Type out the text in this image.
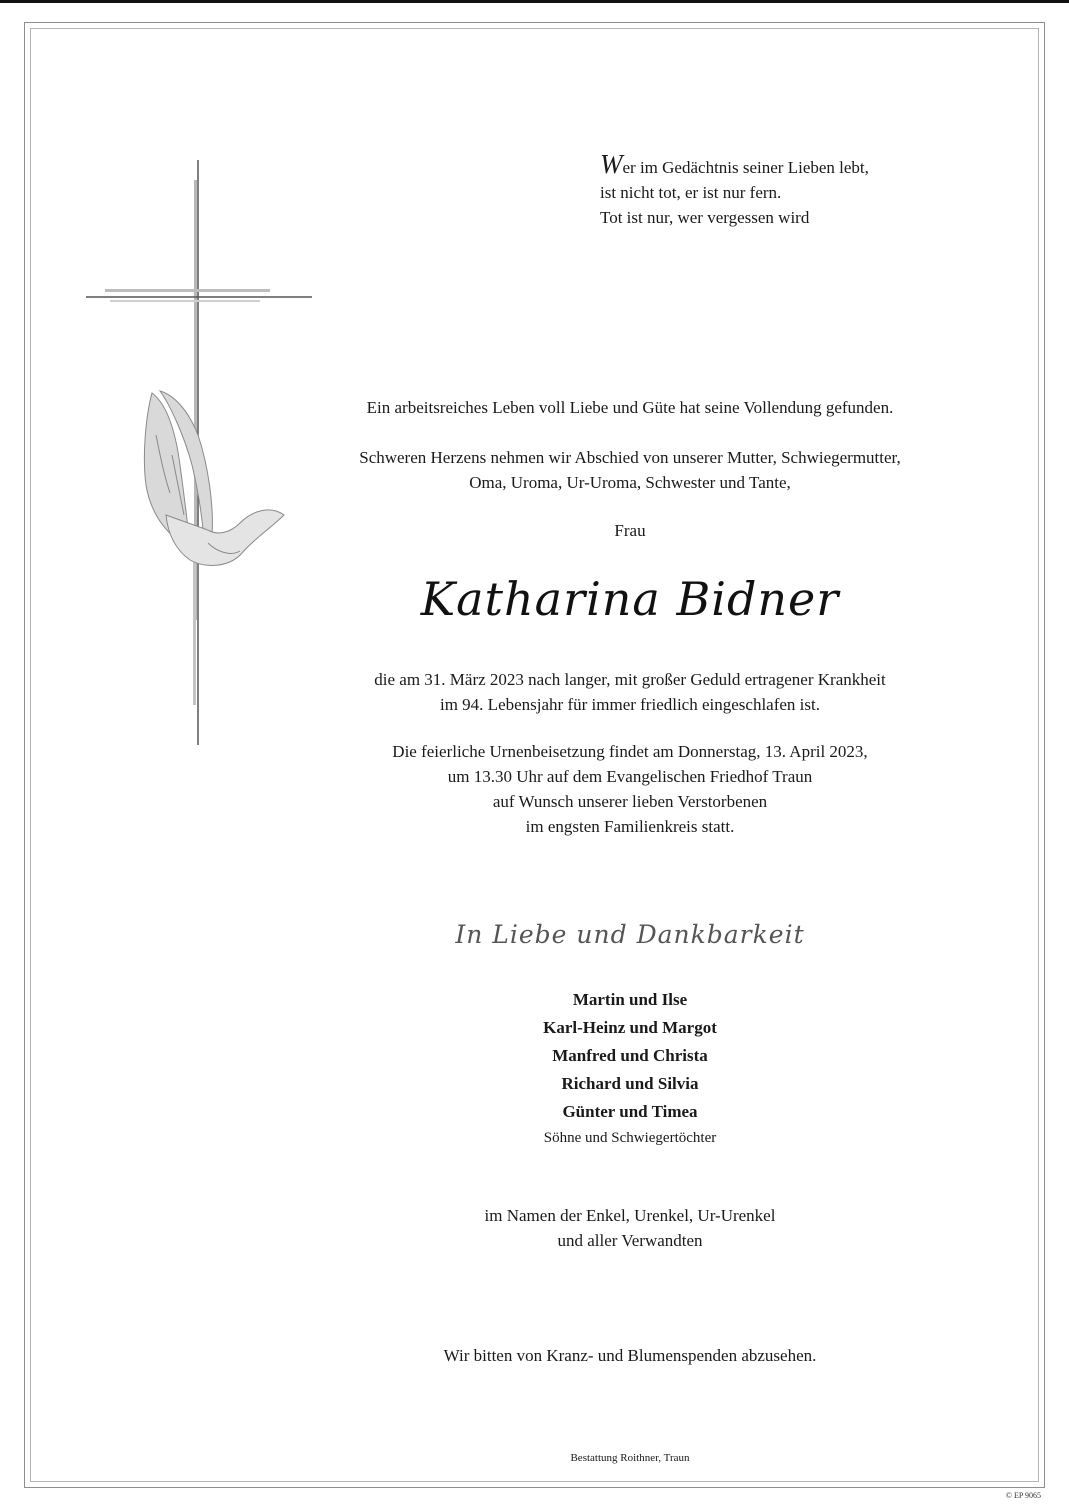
Wer im Gedächtnis seiner Lieben lebt,
ist nicht tot, er ist nur fern.
Tot ist nur, wer vergessen wird
Ein arbeitsreiches Leben voll Liebe und Güte hat seine Vollendung gefunden.
Schweren Herzens nehmen wir Abschied von unserer Mutter, Schwiegermutter,
Oma, Uroma, Ur-Uroma, Schwester und Tante,
Frau
Katharina Bidner
die am 31. März 2023 nach langer, mit großer Geduld ertragener Krankheit
im 94. Lebensjahr für immer friedlich eingeschlafen ist.
Die feierliche Urnenbeisetzung findet am Donnerstag, 13. April 2023,
um 13.30 Uhr auf dem Evangelischen Friedhof Traun
auf Wunsch unserer lieben Verstorbenen
im engsten Familienkreis statt.
In Liebe und Dankbarkeit
Martin und Ilse
Karl-Heinz und Margot
Manfred und Christa
Richard und Silvia
Günter und Timea
Söhne und Schwiegertöchter
im Namen der Enkel, Urenkel, Ur-Urenkel
und aller Verwandten
Wir bitten von Kranz- und Blumenspenden abzusehen.
Bestattung Roithner, Traun
© EP 9065
